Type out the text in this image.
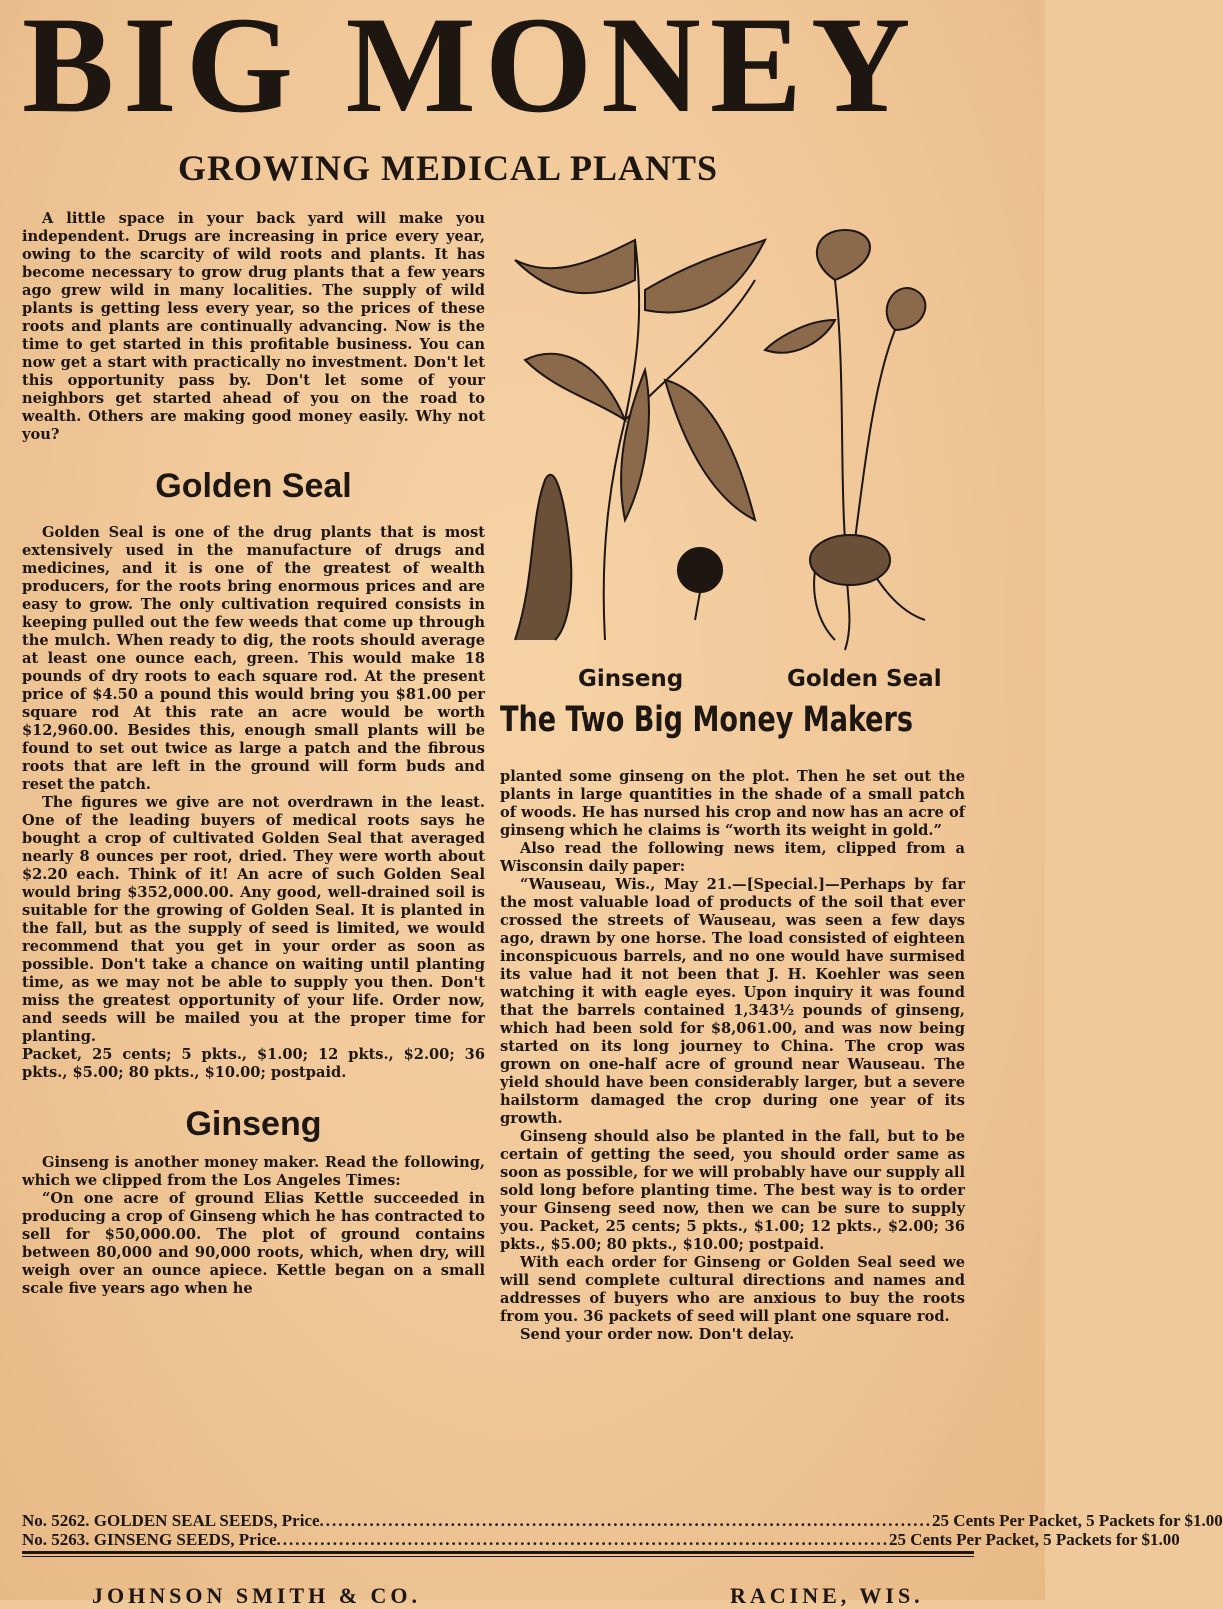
BIG MONEY
GROWING MEDICAL PLANTS

A little space in your back yard will make you independent. Drugs are increasing in price every year, owing to the scarcity of wild roots and plants. It has become necessary to grow drug plants that a few years ago grew wild in many localities. The supply of wild plants is getting less every year, so the prices of these roots and plants are continually advancing. Now is the time to get started in this profitable business. You can now get a start with practically no investment. Don't let this opportunity pass by. Don't let some of your neighbors get started ahead of you on the road to wealth. Others are making good money easily. Why not you?

Golden Seal

Golden Seal is one of the drug plants that is most extensively used in the manufacture of drugs and medicines, and it is one of the greatest of wealth producers, for the roots bring enormous prices and are easy to grow. The only cultivation required consists in keeping pulled out the few weeds that come up through the mulch. When ready to dig, the roots should average at least one ounce each, green. This would make 18 pounds of dry roots to each square rod. At the present price of $4.50 a pound this would bring you $81.00 per square rod At this rate an acre would be worth $12,960.00. Besides this, enough small plants will be found to set out twice as large a patch and the fibrous roots that are left in the ground will form buds and reset the patch.

The figures we give are not overdrawn in the least. One of the leading buyers of medical roots says he bought a crop of cultivated Golden Seal that averaged nearly 8 ounces per root, dried. They were worth about $2.20 each. Think of it! An acre of such Golden Seal would bring $352,000.00. Any good, well-drained soil is suitable for the growing of Golden Seal. It is planted in the fall, but as the supply of seed is limited, we would recommend that you get in your order as soon as possible. Don't take a chance on waiting until planting time, as we may not be able to supply you then. Don't miss the greatest opportunity of your life. Order now, and seeds will be mailed you at the proper time for planting.

Packet, 25 cents; 5 pkts., $1.00; 12 pkts., $2.00; 36 pkts., $5.00; 80 pkts., $10.00; postpaid.

Ginseng

Ginseng is another money maker. Read the following, which we clipped from the Los Angeles Times:

“On one acre of ground Elias Kettle succeeded in producing a crop of Ginseng which he has contracted to sell for $50,000.00. The plot of ground contains between 80,000 and 90,000 roots, which, when dry, will weigh over an ounce apiece. Kettle began on a small scale five years ago when he

Ginseng	Golden Seal
The Two Big Money Makers

planted some ginseng on the plot. Then he set out the plants in large quantities in the shade of a small patch of woods. He has nursed his crop and now has an acre of ginseng which he claims is “worth its weight in gold.”

Also read the following news item, clipped from a Wisconsin daily paper:

“Wauseau, Wis., May 21.—[Special.]—Perhaps by far the most valuable load of products of the soil that ever crossed the streets of Wauseau, was seen a few days ago, drawn by one horse. The load consisted of eighteen inconspicuous barrels, and no one would have surmised its value had it not been that J. H. Koehler was seen watching it with eagle eyes. Upon inquiry it was found that the barrels contained 1,343½ pounds of ginseng, which had been sold for $8,061.00, and was now being started on its long journey to China. The crop was grown on one-half acre of ground near Wauseau. The yield should have been considerably larger, but a severe hailstorm damaged the crop during one year of its growth.

Ginseng should also be planted in the fall, but to be certain of getting the seed, you should order same as soon as possible, for we will probably have our supply all sold long before planting time. The best way is to order your Ginseng seed now, then we can be sure to supply you. Packet, 25 cents; 5 pkts., $1.00; 12 pkts., $2.00; 36 pkts., $5.00; 80 pkts., $10.00; postpaid.

With each order for Ginseng or Golden Seal seed we will send complete cultural directions and names and addresses of buyers who are anxious to buy the roots from you. 36 packets of seed will plant one square rod.

Send your order now. Don't delay.

No. 5262. GOLDEN SEAL SEEDS, Price .................................................................................................. 25 Cents Per Packet, 5 Packets for $1.00
No. 5263. GINSENG SEEDS, Price .................................................................................................. 25 Cents Per Packet, 5 Packets for $1.00
JOHNSON SMITH & CO.	RACINE, WIS.
